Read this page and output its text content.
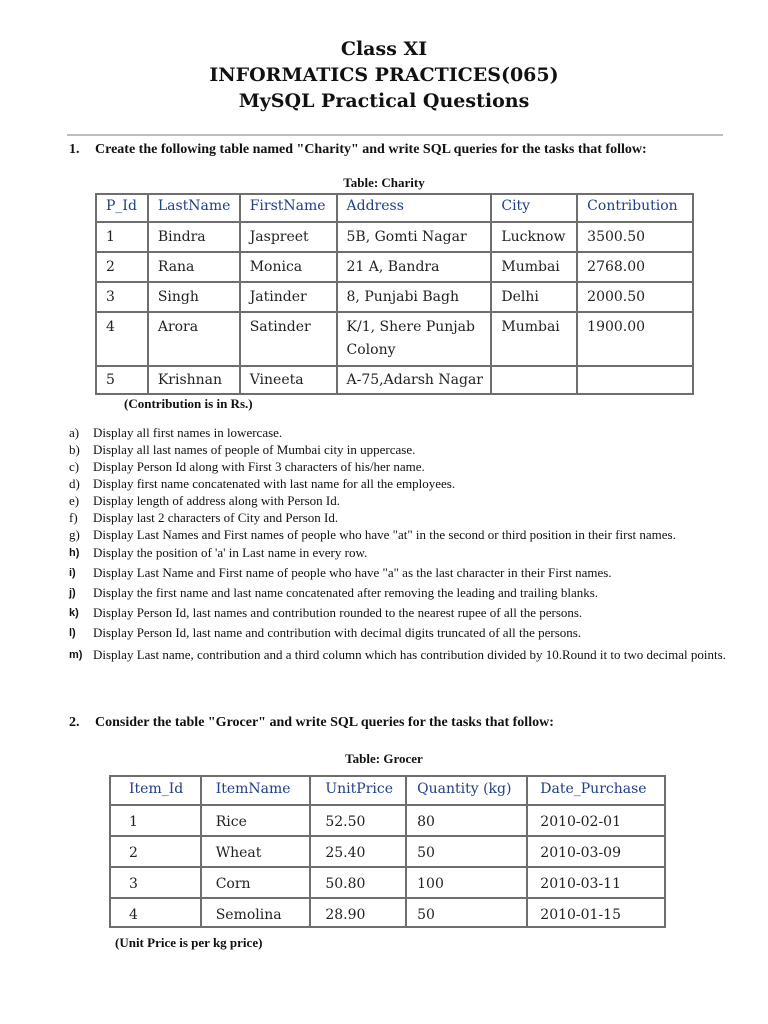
Class XI
INFORMATICS PRACTICES(065)
MySQL Practical Questions
1. Create the following table named "Charity" and write SQL queries for the tasks that follow:
Table: Charity
P_Id	LastName	FirstName	Address	City	Contribution
1	Bindra	Jaspreet	5B, Gomti Nagar	Lucknow	3500.50
2	Rana	Monica	21 A, Bandra	Mumbai	2768.00
3	Singh	Jatinder	8, Punjabi Bagh	Delhi	2000.50
4	Arora	Satinder	K/1, Shere Punjab Colony	Mumbai	1900.00
5	Krishnan	Vineeta	A-75,Adarsh Nagar		
(Contribution is in Rs.)
a) Display all first names in lowercase.
b) Display all last names of people of Mumbai city in uppercase.
c) Display Person Id along with First 3 characters of his/her name.
d) Display first name concatenated with last name for all the employees.
e) Display length of address along with Person Id.
f) Display last 2 characters of City and Person Id.
g) Display Last Names and First names of people who have "at" in the second or third position in their first names.
h) Display the position of 'a' in Last name in every row.
i) Display Last Name and First name of people who have "a" as the last character in their First names.
j) Display the first name and last name concatenated after removing the leading and trailing blanks.
k) Display Person Id, last names and contribution rounded to the nearest rupee of all the persons.
l) Display Person Id, last name and contribution with decimal digits truncated of all the persons.
m) Display Last name, contribution and a third column which has contribution divided by 10.Round it to two decimal points.
2. Consider the table "Grocer" and write SQL queries for the tasks that follow:
Table: Grocer
Item_Id	ItemName	UnitPrice	Quantity (kg)	Date_Purchase
1	Rice	52.50	80	2010-02-01
2	Wheat	25.40	50	2010-03-09
3	Corn	50.80	100	2010-03-11
4	Semolina	28.90	50	2010-01-15
(Unit Price is per kg price)
